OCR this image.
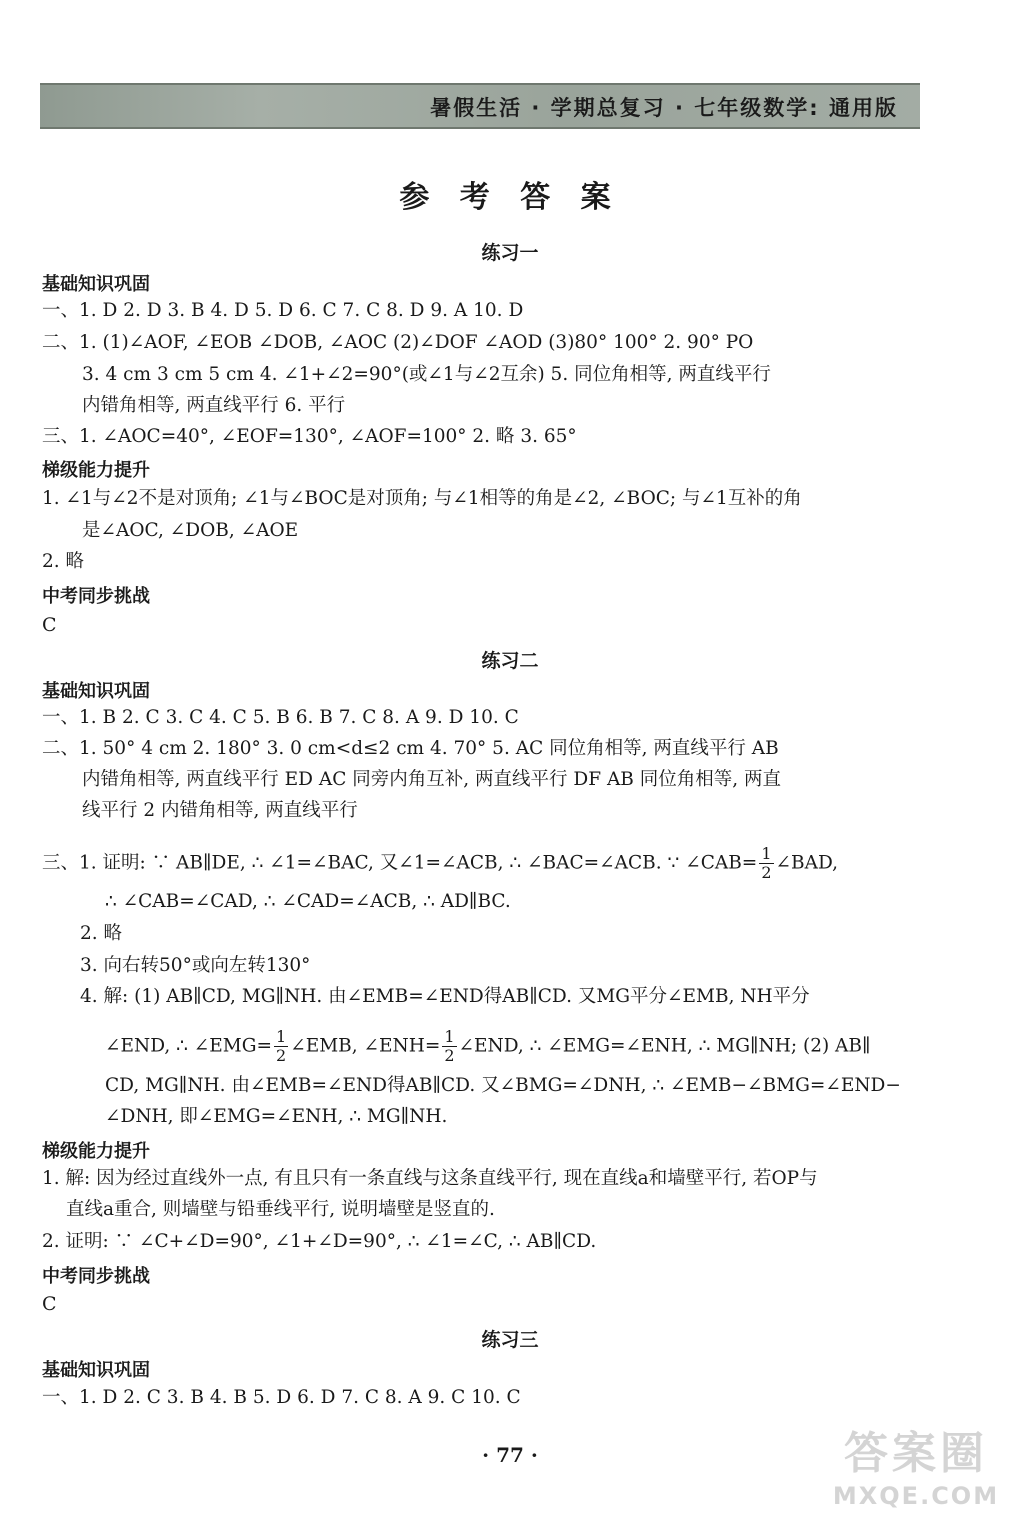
暑假生活 · 学期总复习 · 七年级数学: 通用版
参 考 答 案
练习一
基础知识巩固
一、1. D 2. D 3. B 4. D 5. D 6. C 7. C 8. D 9. A 10. D
二、1. (1)∠AOF, ∠EOB ∠DOB, ∠AOC (2)∠DOF ∠AOD (3)80° 100° 2. 90° PO
3. 4 cm 3 cm 5 cm 4. ∠1+∠2=90°(或∠1与∠2互余) 5. 同位角相等, 两直线平行
内错角相等, 两直线平行 6. 平行
三、1. ∠AOC=40°, ∠EOF=130°, ∠AOF=100° 2. 略 3. 65°
梯级能力提升
1. ∠1与∠2不是对顶角; ∠1与∠BOC是对顶角; 与∠1相等的角是∠2, ∠BOC; 与∠1互补的角
是∠AOC, ∠DOB, ∠AOE
2. 略
中考同步挑战
C
练习二
基础知识巩固
一、1. B 2. C 3. C 4. C 5. B 6. B 7. C 8. A 9. D 10. C
二、1. 50° 4 cm 2. 180° 3. 0 cm<d≤2 cm 4. 70° 5. AC 同位角相等, 两直线平行 AB
内错角相等, 两直线平行 ED AC 同旁内角互补, 两直线平行 DF AB 同位角相等, 两直
线平行 2 内错角相等, 两直线平行
三、1. 证明: ∵ AB∥DE, ∴ ∠1=∠BAC, 又∠1=∠ACB, ∴ ∠BAC=∠ACB. ∵ ∠CAB= $\frac{1}{2}$ ∠BAD,
∴ ∠CAB=∠CAD, ∴ ∠CAD=∠ACB, ∴ AD∥BC.
2. 略
3. 向右转50°或向左转130°
4. 解: (1) AB∥CD, MG∥NH. 由∠EMB=∠END得AB∥CD. 又MG平分∠EMB, NH平分
∠END, ∴ ∠EMG= $\frac{1}{2}$ ∠EMB, ∠ENH= $\frac{1}{2}$ ∠END, ∴ ∠EMG=∠ENH, ∴ MG∥NH; (2) AB∥
CD, MG∥NH. 由∠EMB=∠END得AB∥CD. 又∠BMG=∠DNH, ∴ ∠EMB−∠BMG=∠END−
∠DNH, 即∠EMG=∠ENH, ∴ MG∥NH.
梯级能力提升
1. 解: 因为经过直线外一点, 有且只有一条直线与这条直线平行, 现在直线a和墙壁平行, 若OP与
直线a重合, 则墙壁与铅垂线平行, 说明墙壁是竖直的.
2. 证明: ∵ ∠C+∠D=90°, ∠1+∠D=90°, ∴ ∠1=∠C, ∴ AB∥CD.
中考同步挑战
C
练习三
基础知识巩固
一、1. D 2. C 3. B 4. B 5. D 6. D 7. C 8. A 9. C 10. C
· 77 ·	答案圈
MXQE.COM
